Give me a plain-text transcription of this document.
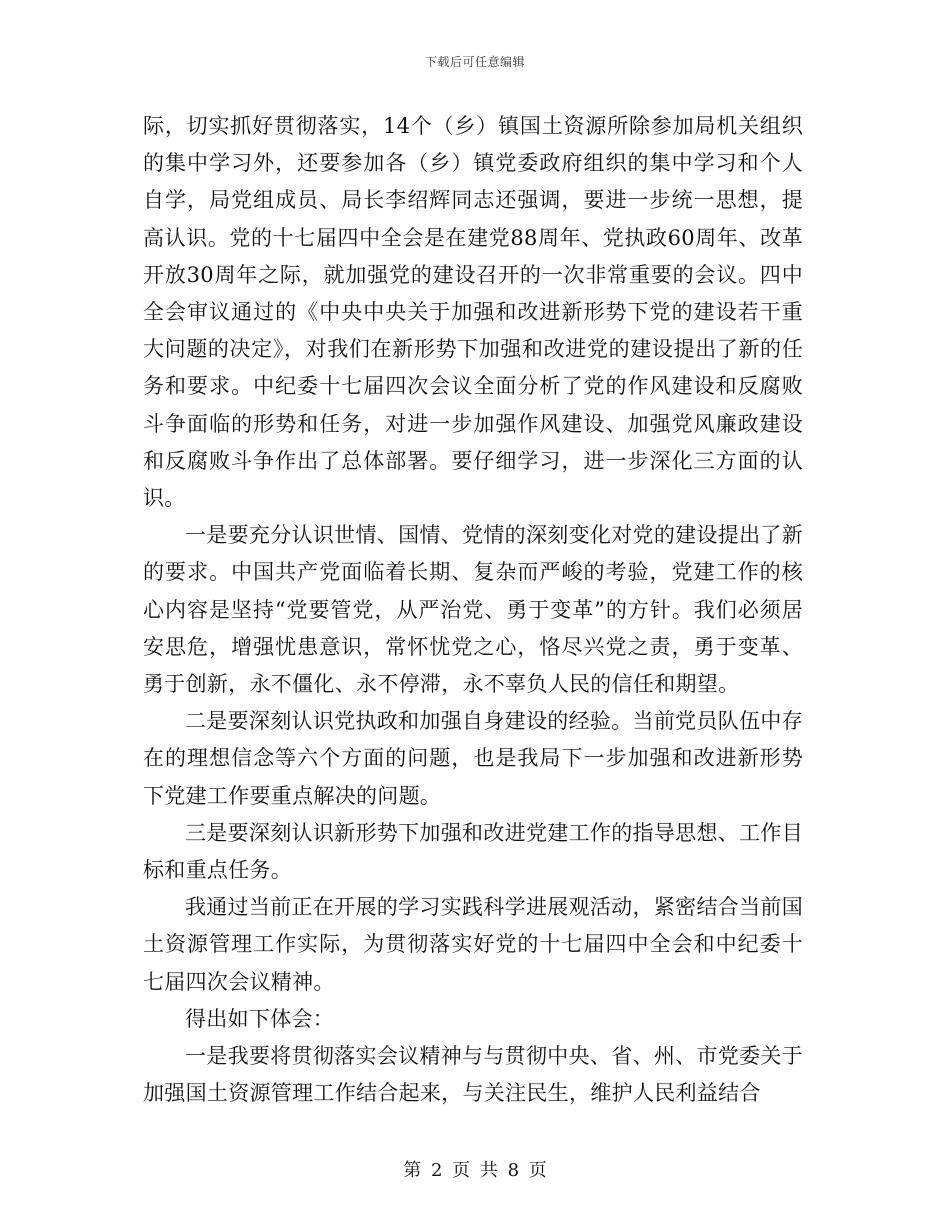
下载后可任意编辑

际，切实抓好贯彻落实，14个（乡）镇国土资源所除参加局机关组织的集中学习外，还要参加各（乡）镇党委政府组织的集中学习和个人自学，局党组成员、局长李绍辉同志还强调，要进一步统一思想，提高认识。党的十七届四中全会是在建党88周年、党执政60周年、改革开放30周年之际，就加强党的建设召开的一次非常重要的会议。四中全会审议通过的《中央中央关于加强和改进新形势下党的建设若干重大问题的决定》，对我们在新形势下加强和改进党的建设提出了新的任务和要求。中纪委十七届四次会议全面分析了党的作风建设和反腐败斗争面临的形势和任务，对进一步加强作风建设、加强党风廉政建设和反腐败斗争作出了总体部署。要仔细学习，进一步深化三方面的认识。

一是要充分认识世情、国情、党情的深刻变化对党的建设提出了新的要求。中国共产党面临着长期、复杂而严峻的考验，党建工作的核心内容是坚持“党要管党，从严治党、勇于变革”的方针。我们必须居安思危，增强忧患意识，常怀忧党之心，恪尽兴党之责，勇于变革、勇于创新，永不僵化、永不停滞，永不辜负人民的信任和期望。

二是要深刻认识党执政和加强自身建设的经验。当前党员队伍中存在的理想信念等六个方面的问题，也是我局下一步加强和改进新形势下党建工作要重点解决的问题。

三是要深刻认识新形势下加强和改进党建工作的指导思想、工作目标和重点任务。

我通过当前正在开展的学习实践科学进展观活动，紧密结合当前国土资源管理工作实际，为贯彻落实好党的十七届四中全会和中纪委十七届四次会议精神。

得出如下体会：

一是我要将贯彻落实会议精神与与贯彻中央、省、州、市党委关于加强国土资源管理工作结合起来，与关注民生，维护人民利益结合

第 2 页 共 8 页
